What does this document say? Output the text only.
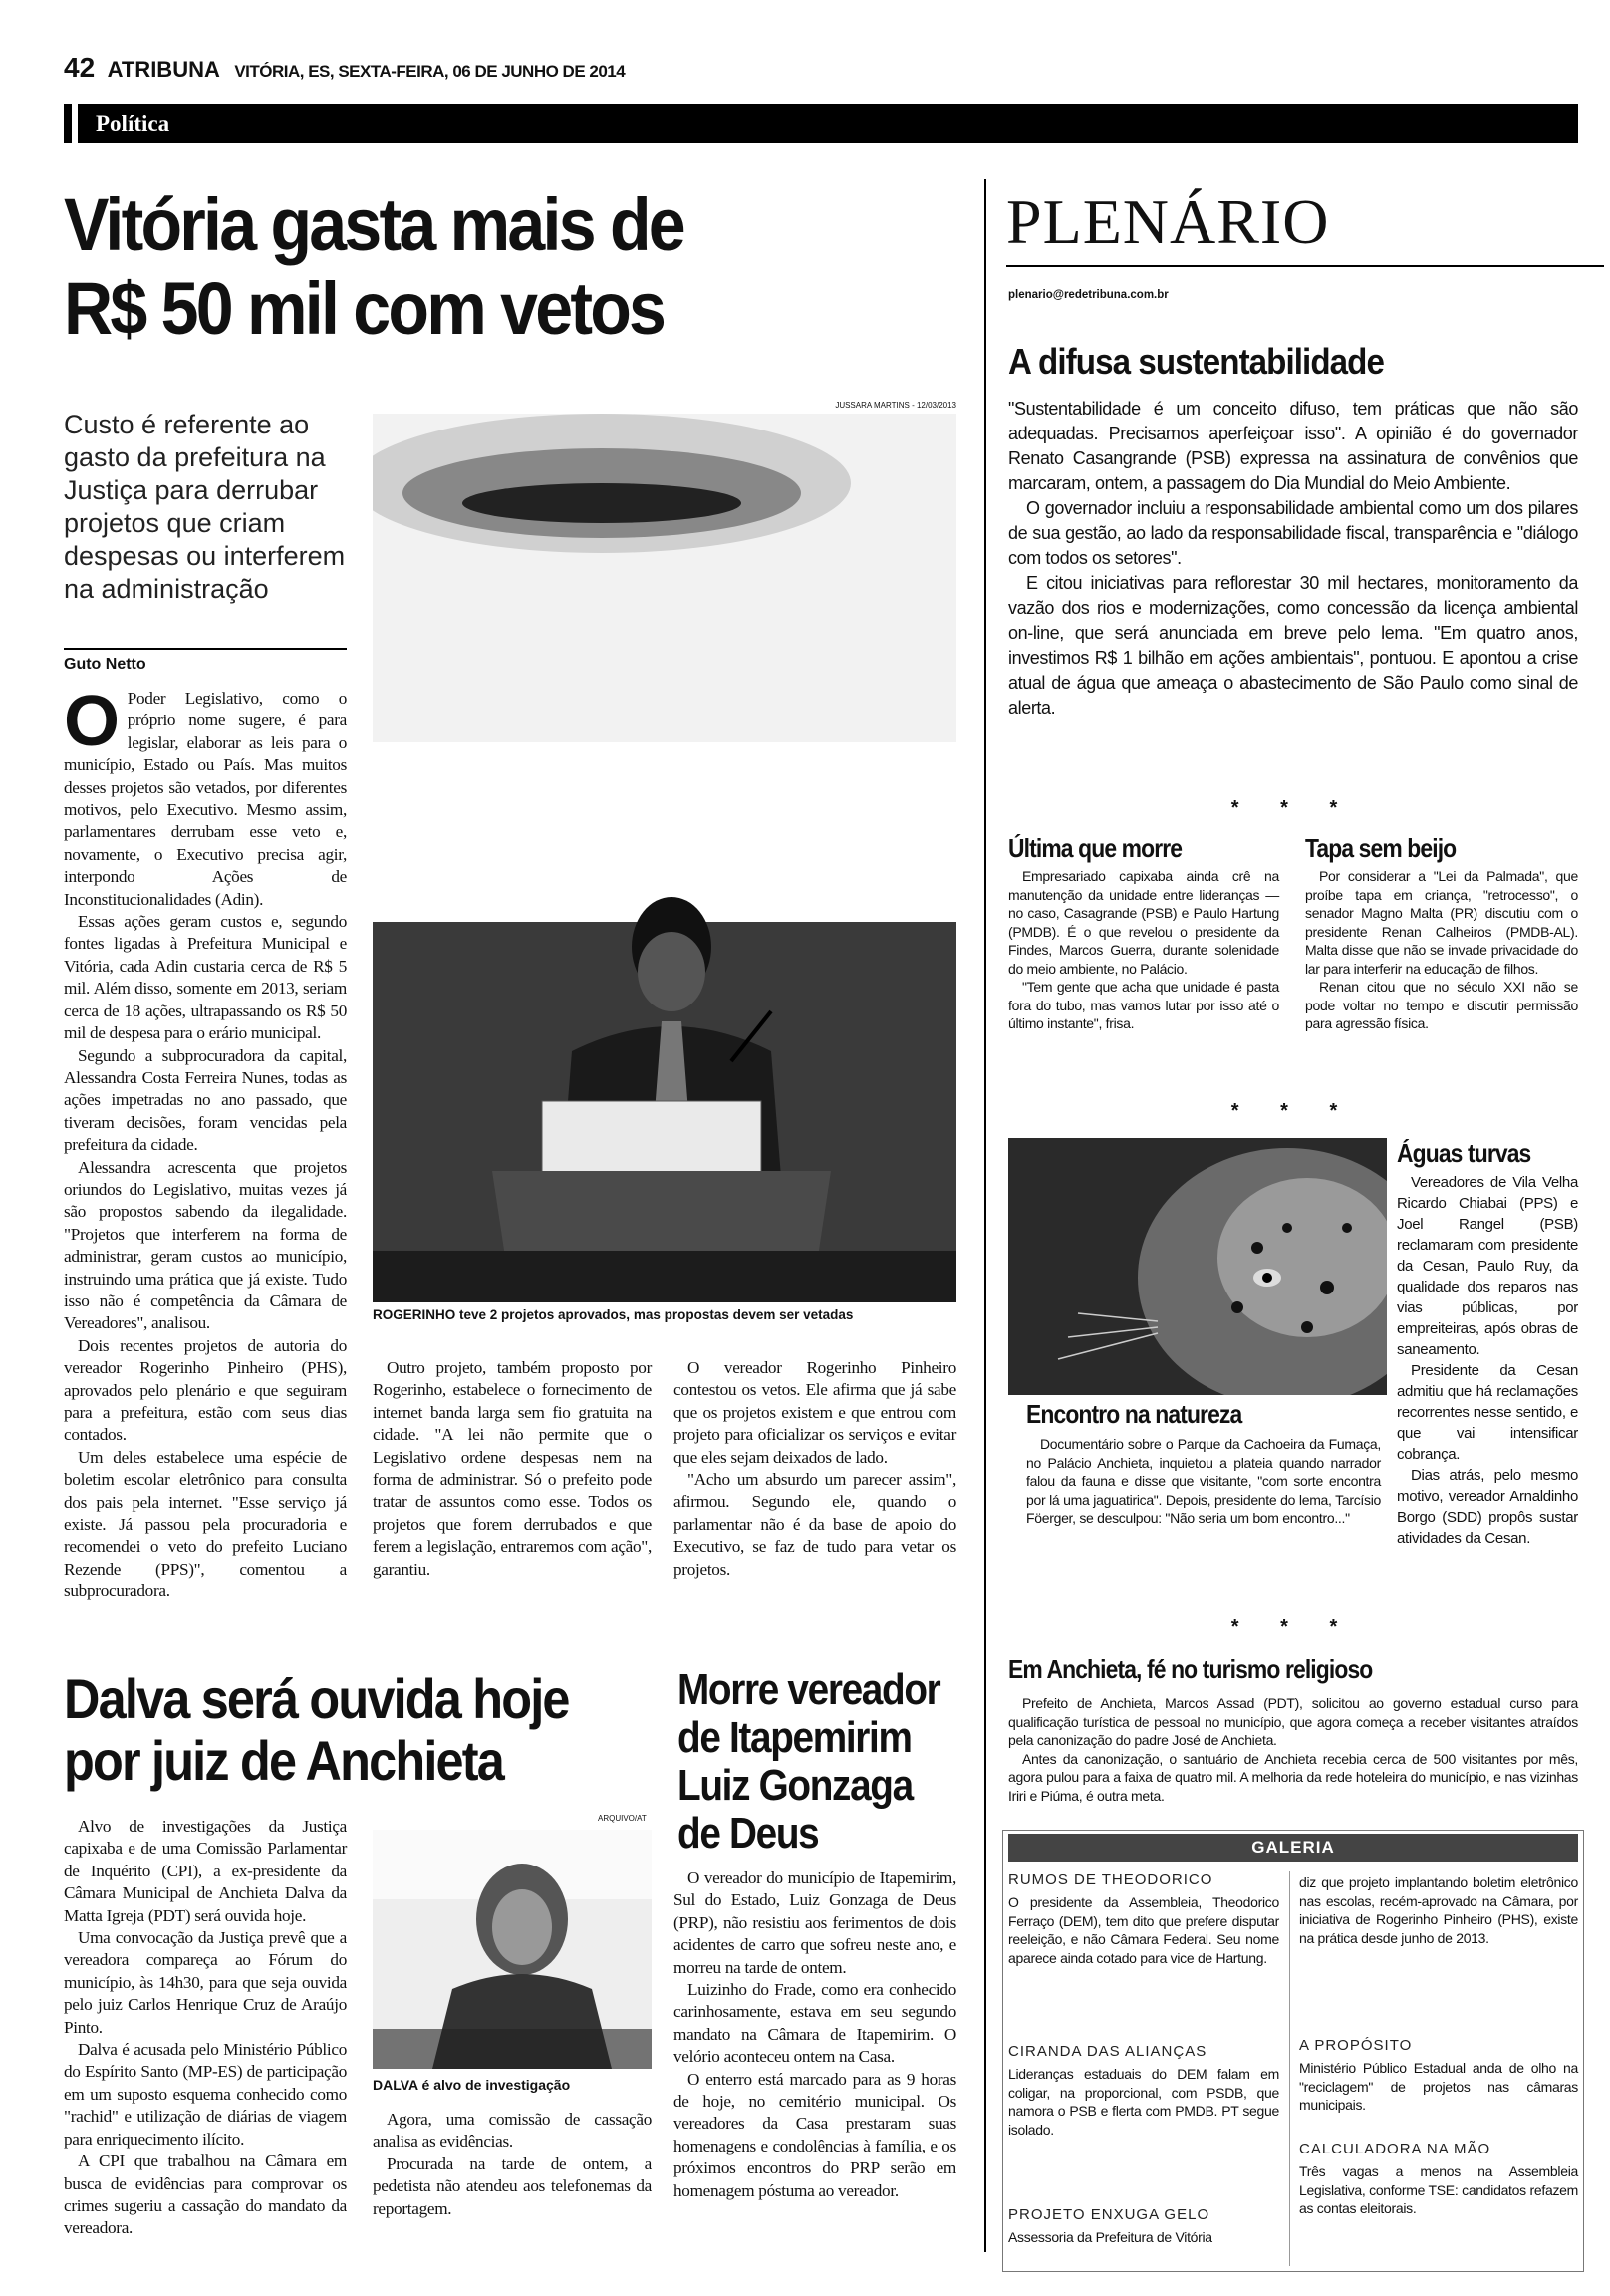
42 ATRIBUNA VITÓRIA, ES, SEXTA-FEIRA, 06 DE JUNHO DE 2014
Política
Vitória gasta mais de
R$ 50 mil com vetos
Custo é referente ao gasto da prefeitura na Justiça para derrubar projetos que criam despesas ou interferem na administração
Guto Netto
O Poder Legislativo, como o próprio nome sugere, é para legislar, elaborar as leis para o município, Estado ou País. Mas muitos desses projetos são vetados, por diferentes motivos, pelo Executivo. Mesmo assim, parlamentares derrubam esse veto e, novamente, o Executivo precisa agir, interpondo Ações de Inconstitucionalidades (Adin).

Essas ações geram custos e, segundo fontes ligadas à Prefeitura Municipal e Vitória, cada Adin custaria cerca de R$ 5 mil. Além disso, somente em 2013, seriam cerca de 18 ações, ultrapassando os R$ 50 mil de despesa para o erário municipal.

Segundo a subprocuradora da capital, Alessandra Costa Ferreira Nunes, todas as ações impetradas no ano passado, que tiveram decisões, foram vencidas pela prefeitura da cidade.

Alessandra acrescenta que projetos oriundos do Legislativo, muitas vezes já são propostos sabendo da ilegalidade. "Projetos que interferem na forma de administrar, geram custos ao município, instruindo uma prática que já existe. Tudo isso não é competência da Câmara de Vereadores", analisou.

Dois recentes projetos de autoria do vereador Rogerinho Pinheiro (PHS), aprovados pelo plenário e que seguiram para a prefeitura, estão com seus dias contados.

Um deles estabelece uma espécie de boletim escolar eletrônico para consulta dos pais pela internet. "Esse serviço já existe. Já passou pela procuradoria e recomendei o veto do prefeito Luciano Rezende (PPS)", comentou a subprocuradora.

JUSSARA MARTINS - 12/03/2013
ROGERINHO teve 2 projetos aprovados, mas propostas devem ser vetadas

Outro projeto, também proposto por Rogerinho, estabelece o fornecimento de internet banda larga sem fio gratuita na cidade. "A lei não permite que o Legislativo ordene despesas nem na forma de administrar. Só o prefeito pode tratar de assuntos como esse. Todos os projetos que forem derrubados e que ferem a legislação, entraremos com ação", garantiu.

O vereador Rogerinho Pinheiro contestou os vetos. Ele afirma que já sabe que os projetos existem e que entrou com projeto para oficializar os serviços e evitar que eles sejam deixados de lado.

"Acho um absurdo um parecer assim", afirmou. Segundo ele, quando o parlamentar não é da base de apoio do Executivo, se faz de tudo para vetar os projetos.

Dalva será ouvida hoje por juiz de Anchieta

Alvo de investigações da Justiça capixaba e de uma Comissão Parlamentar de Inquérito (CPI), a ex-presidente da Câmara Municipal de Anchieta Dalva da Matta Igreja (PDT) será ouvida hoje.

Uma convocação da Justiça prevê que a vereadora compareça ao Fórum do município, às 14h30, para que seja ouvida pelo juiz Carlos Henrique Cruz de Araújo Pinto.

Dalva é acusada pelo Ministério Público do Espírito Santo (MP-ES) de participação em um suposto esquema conhecido como "rachid" e utilização de diárias de viagem para enriquecimento ilícito.

A CPI que trabalhou na Câmara em busca de evidências para comprovar os crimes sugeriu a cassação do mandato da vereadora.

ARQUIVO/AT
DALVA é alvo de investigação

Agora, uma comissão de cassação analisa as evidências.

Procurada na tarde de ontem, a pedetista não atendeu aos telefonemas da reportagem.

Morre vereador de Itapemirim Luiz Gonzaga de Deus

O vereador do município de Itapemirim, Sul do Estado, Luiz Gonzaga de Deus (PRP), não resistiu aos ferimentos de dois acidentes de carro que sofreu neste ano, e morreu na tarde de ontem.

Luizinho do Frade, como era conhecido carinhosamente, estava em seu segundo mandato na Câmara de Itapemirim. O velório aconteceu ontem na Casa.

O enterro está marcado para as 9 horas de hoje, no cemitério municipal. Os vereadores da Casa prestaram suas homenagens e condolências à família, e os próximos encontros do PRP serão em homenagem póstuma ao vereador.

PLENÁRIO
plenario@redetribuna.com.br
A difusa sustentabilidade

"Sustentabilidade é um conceito difuso, tem práticas que não são adequadas. Precisamos aperfeiçoar isso". A opinião é do governador Renato Casangrande (PSB) expressa na assinatura de convênios que marcaram, ontem, a passagem do Dia Mundial do Meio Ambiente.

O governador incluiu a responsabilidade ambiental como um dos pilares de sua gestão, ao lado da responsabilidade fiscal, transparência e "diálogo com todos os setores".

E citou iniciativas para reflorestar 30 mil hectares, monitoramento da vazão dos rios e modernizações, como concessão da licença ambiental on-line, que será anunciada em breve pelo lema. "Em quatro anos, investimos R$ 1 bilhão em ações ambientais", pontuou. E apontou a crise atual de água que ameaça o abastecimento de São Paulo como sinal de alerta.

* * *
Última que morre

Empresariado capixaba ainda crê na manutenção da unidade entre lideranças — no caso, Casagrande (PSB) e Paulo Hartung (PMDB). É o que revelou o presidente da Findes, Marcos Guerra, durante solenidade do meio ambiente, no Palácio.

"Tem gente que acha que unidade é pasta fora do tubo, mas vamos lutar por isso até o último instante", frisa.

Tapa sem beijo

Por considerar a "Lei da Palmada", que proíbe tapa em criança, "retrocesso", o senador Magno Malta (PR) discutiu com o presidente Renan Calheiros (PMDB-AL). Malta disse que não se invade privacidade do lar para interferir na educação de filhos.

Renan citou que no século XXI não se pode voltar no tempo e discutir permissão para agressão física.

* * *
Águas turvas

Vereadores de Vila Velha Ricardo Chiabai (PPS) e Joel Rangel (PSB) reclamaram com presidente da Cesan, Paulo Ruy, da qualidade dos reparos nas vias públicas, por empreiteiras, após obras de saneamento.

Presidente da Cesan admitiu que há reclamações recorrentes nesse sentido, e que vai intensificar cobrança.

Dias atrás, pelo mesmo motivo, vereador Arnaldinho Borgo (SDD) propôs sustar atividades da Cesan.

Encontro na natureza

Documentário sobre o Parque da Cachoeira da Fumaça, no Palácio Anchieta, inquietou a plateia quando narrador falou da fauna e disse que visitante, "com sorte encontra por lá uma jaguatirica". Depois, presidente do lema, Tarcísio Föerger, se desculpou: "Não seria um bom encontro..."

* * *
Em Anchieta, fé no turismo religioso

Prefeito de Anchieta, Marcos Assad (PDT), solicitou ao governo estadual curso para qualificação turística de pessoal no município, que agora começa a receber visitantes atraídos pela canonização do padre José de Anchieta.

Antes da canonização, o santuário de Anchieta recebia cerca de 500 visitantes por mês, agora pulou para a faixa de quatro mil. A melhoria da rede hoteleira do município, e nas vizinhas Iriri e Piúma, é outra meta.

GALERIA
RUMOS DE THEODORICO
O presidente da Assembleia, Theodorico Ferraço (DEM), tem dito que prefere disputar reeleição, e não Câmara Federal. Seu nome aparece ainda cotado para vice de Hartung.
CIRANDA DAS ALIANÇAS
Lideranças estaduais do DEM falam em coligar, na proporcional, com PSDB, que namora o PSB e flerta com PMDB. PT segue isolado.
PROJETO ENXUGA GELO
Assessoria da Prefeitura de Vitória
diz que projeto implantando boletim eletrônico nas escolas, recém-aprovado na Câmara, por iniciativa de Rogerinho Pinheiro (PHS), existe na prática desde junho de 2013.
A PROPÓSITO
Ministério Público Estadual anda de olho na "reciclagem" de projetos nas câmaras municipais.
CALCULADORA NA MÃO
Três vagas a menos na Assembleia Legislativa, conforme TSE: candidatos refazem as contas eleitorais.
